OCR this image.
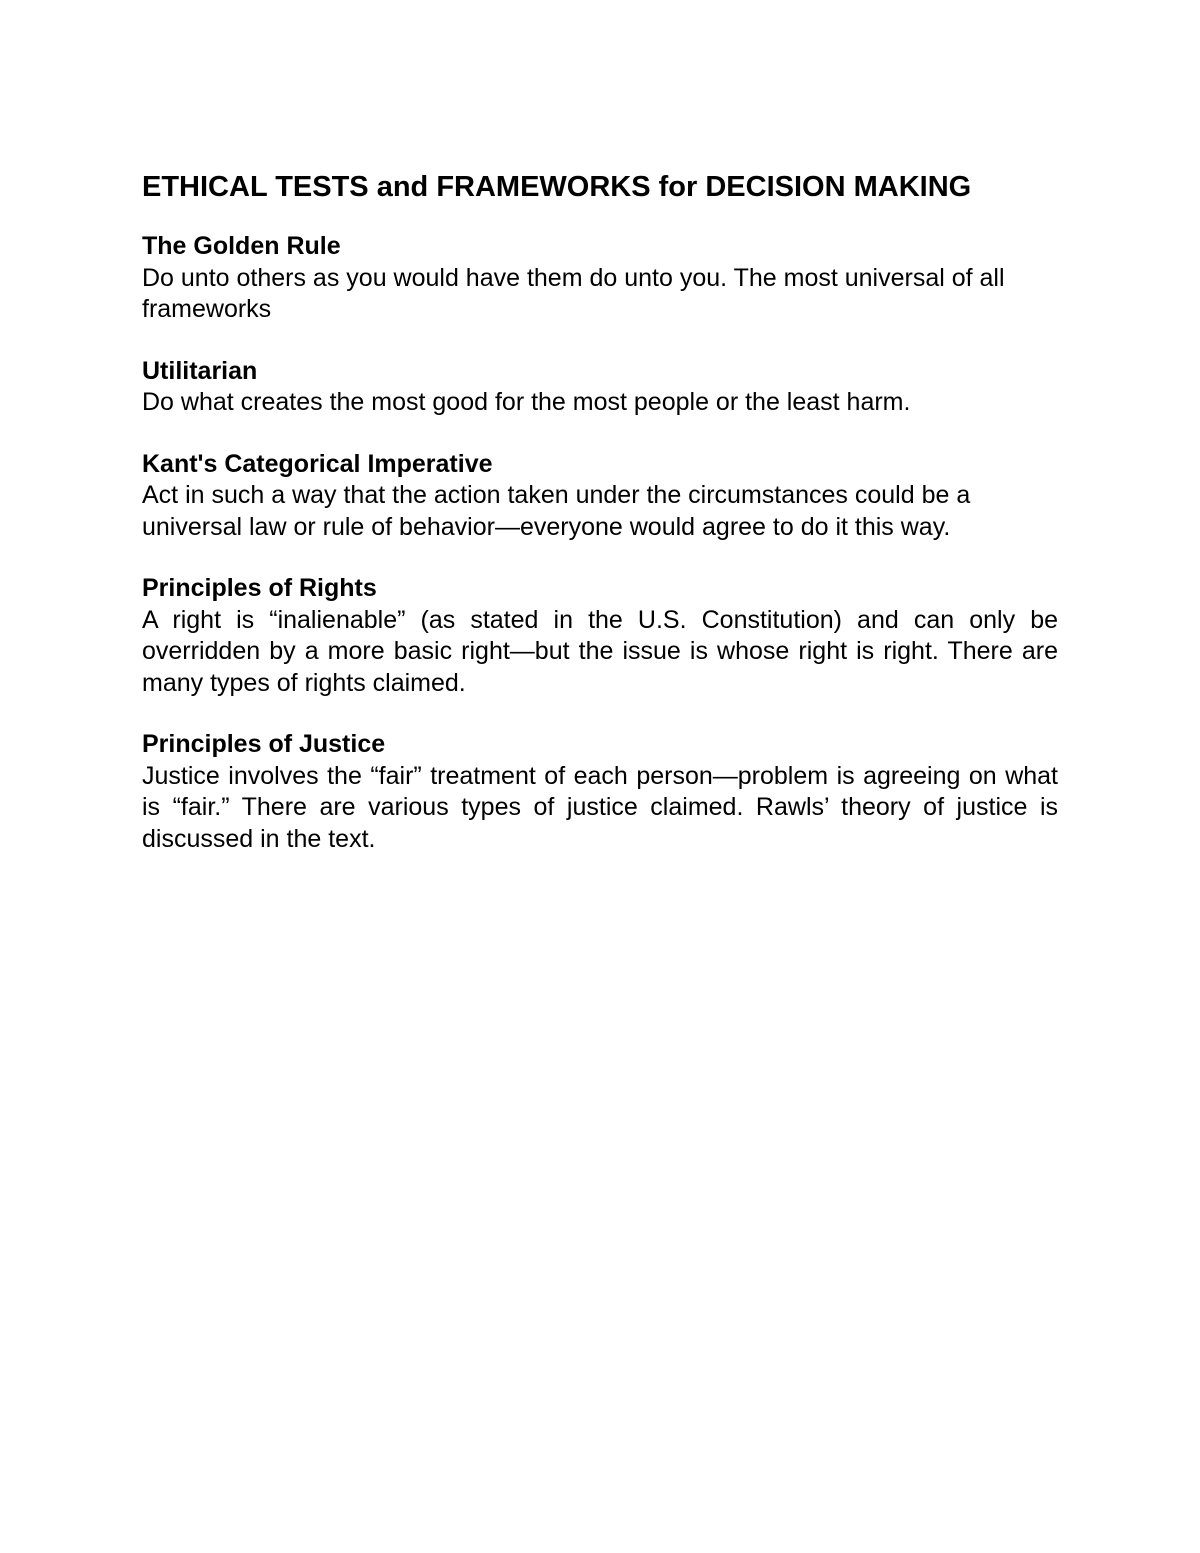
ETHICAL TESTS and FRAMEWORKS for DECISION MAKING

The Golden Rule

Do unto others as you would have them do unto you. The most universal of all frameworks

Utilitarian

Do what creates the most good for the most people or the least harm.

Kant's Categorical Imperative

Act in such a way that the action taken under the circumstances could be a universal law or rule of behavior—everyone would agree to do it this way.

Principles of Rights

A right is “inalienable” (as stated in the U.S. Constitution) and can only be overridden by a more basic right—but the issue is whose right is right. There are many types of rights claimed.

Principles of Justice

Justice involves the “fair” treatment of each person—problem is agreeing on what is “fair.” There are various types of justice claimed. Rawls’ theory of justice is discussed in the text.
